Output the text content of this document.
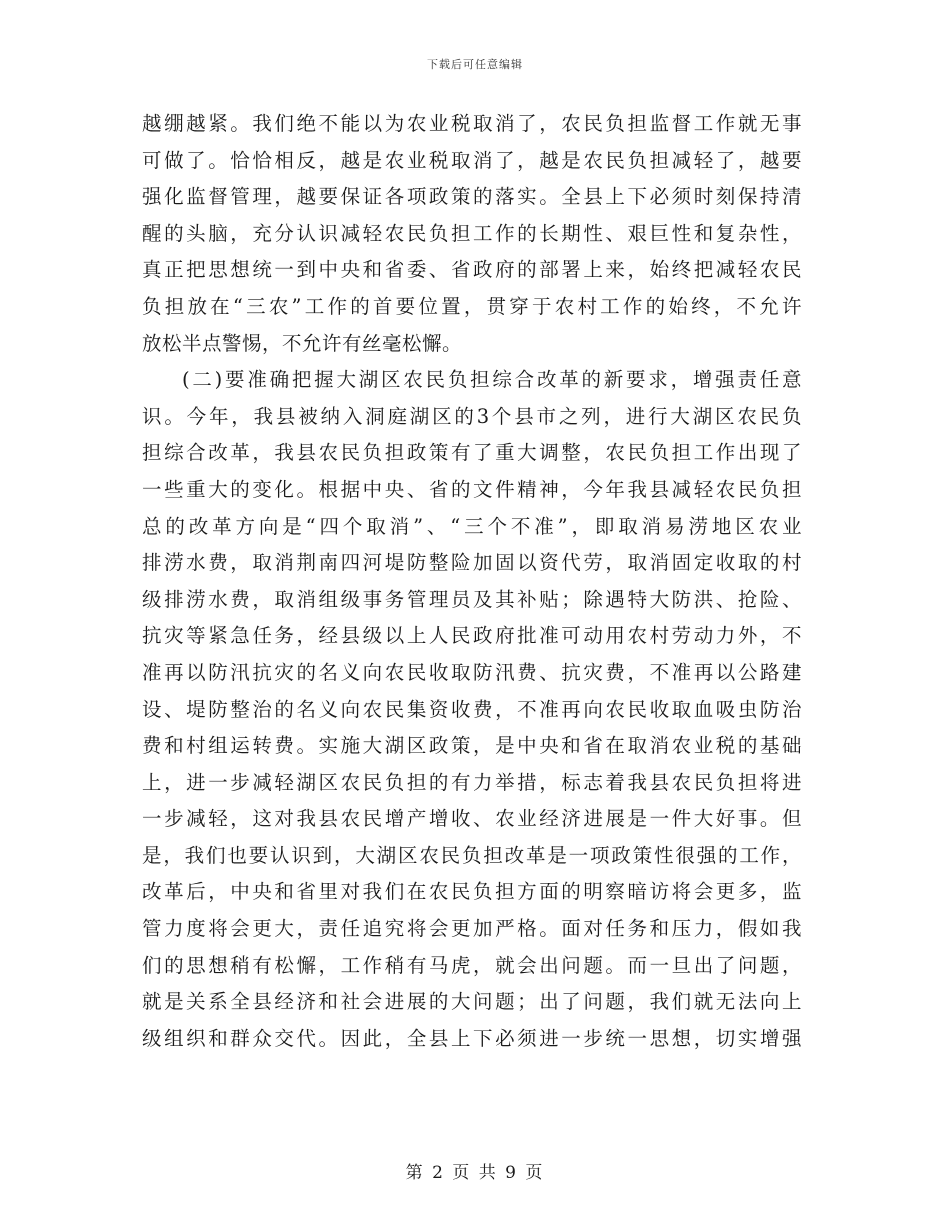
下载后可任意编辑
越绷越紧。我们绝不能以为农业税取消了，农民负担监督工作就无事
可做了。恰恰相反，越是农业税取消了，越是农民负担减轻了，越要
强化监督管理，越要保证各项政策的落实。全县上下必须时刻保持清
醒的头脑，充分认识减轻农民负担工作的长期性、艰巨性和复杂性，
真正把思想统一到中央和省委、省政府的部署上来，始终把减轻农民
负担放在“三农”工作的首要位置，贯穿于农村工作的始终，不允许
放松半点警惕，不允许有丝毫松懈。
(二)要准确把握大湖区农民负担综合改革的新要求，增强责任意
识。今年，我县被纳入洞庭湖区的3个县市之列，进行大湖区农民负
担综合改革，我县农民负担政策有了重大调整，农民负担工作出现了
一些重大的变化。根据中央、省的文件精神，今年我县减轻农民负担
总的改革方向是“四个取消”、“三个不准”，即取消易涝地区农业
排涝水费，取消荆南四河堤防整险加固以资代劳，取消固定收取的村
级排涝水费，取消组级事务管理员及其补贴；除遇特大防洪、抢险、
抗灾等紧急任务，经县级以上人民政府批准可动用农村劳动力外，不
准再以防汛抗灾的名义向农民收取防汛费、抗灾费，不准再以公路建
设、堤防整治的名义向农民集资收费，不准再向农民收取血吸虫防治
费和村组运转费。实施大湖区政策，是中央和省在取消农业税的基础
上，进一步减轻湖区农民负担的有力举措，标志着我县农民负担将进
一步减轻，这对我县农民增产增收、农业经济进展是一件大好事。但
是，我们也要认识到，大湖区农民负担改革是一项政策性很强的工作，
改革后，中央和省里对我们在农民负担方面的明察暗访将会更多，监
管力度将会更大，责任追究将会更加严格。面对任务和压力，假如我
们的思想稍有松懈，工作稍有马虎，就会出问题。而一旦出了问题，
就是关系全县经济和社会进展的大问题；出了问题，我们就无法向上
级组织和群众交代。因此，全县上下必须进一步统一思想，切实增强
第 2 页 共 9 页
